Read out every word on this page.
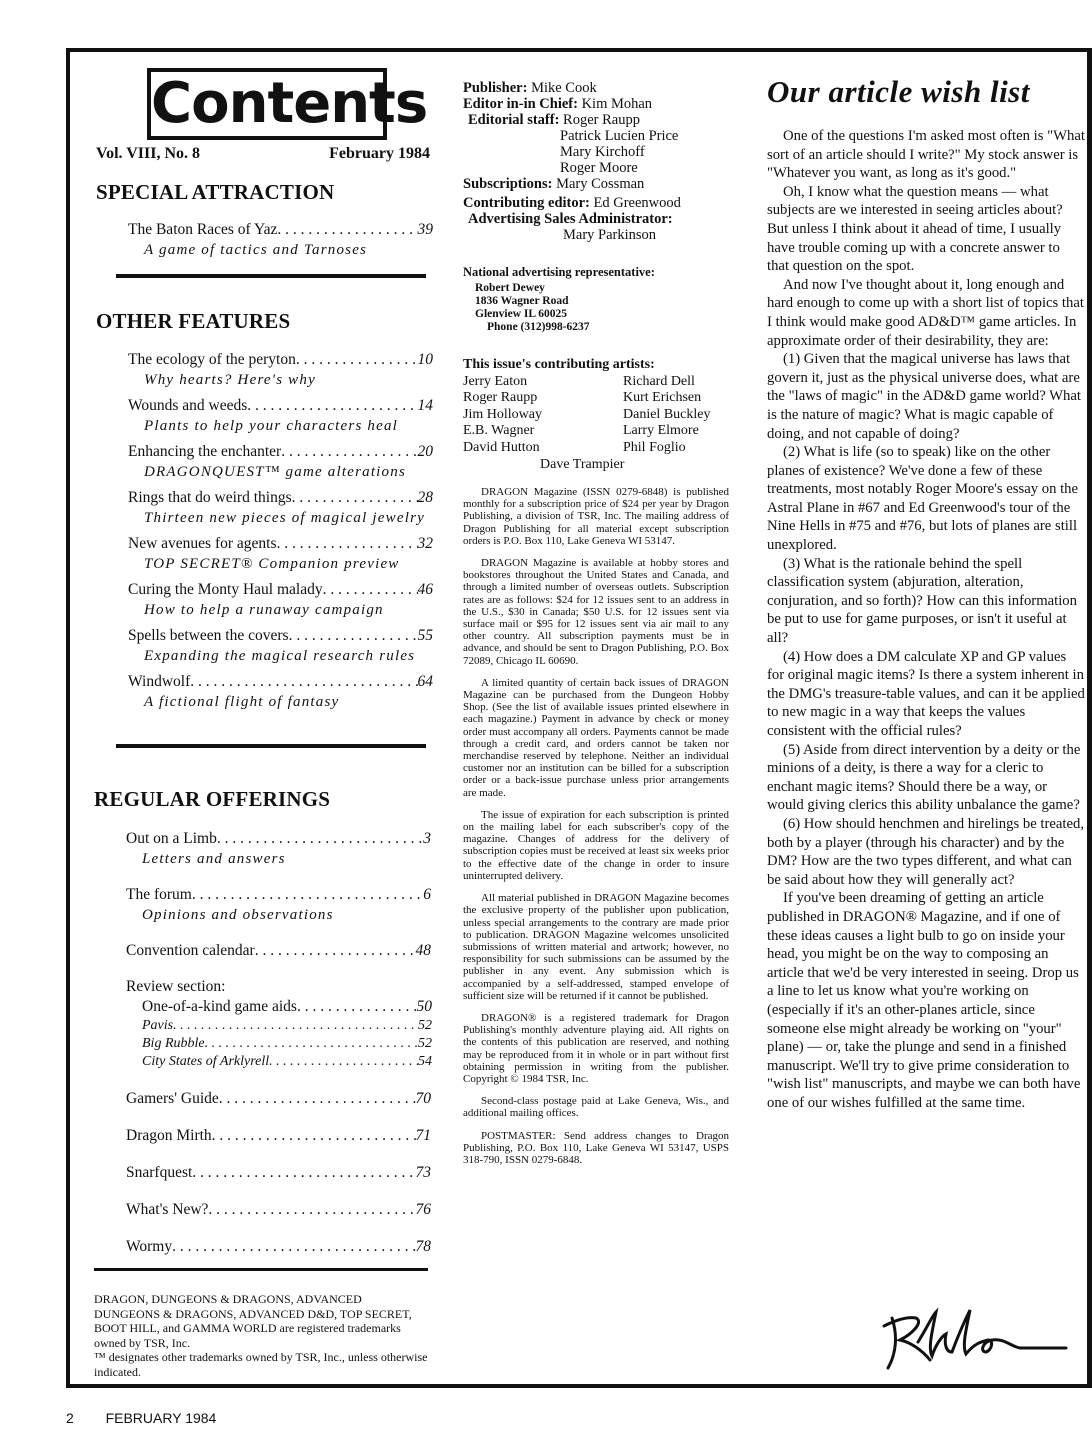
Contents
Vol. VIII, No. 8	February 1984
SPECIAL ATTRACTION
The Baton Races of Yaz . . .	39
A game of tactics and Tarnoses
OTHER FEATURES
The ecology of the peryton . . .	10
Why hearts? Here's why
Wounds and weeds . . .	14
Plants to help your characters heal
Enhancing the enchanter . . .	20
DRAGONQUEST™ game alterations
Rings that do weird things . . .	28
Thirteen new pieces of magical jewelry
New avenues for agents . . .	32
TOP SECRET® Companion preview
Curing the Monty Haul malady . . .	46
How to help a runaway campaign
Spells between the covers . . .	55
Expanding the magical research rules
Windwolf . . .	64
A fictional flight of fantasy
REGULAR OFFERINGS
Out on a Limb . . .	3
Letters and answers
The forum . . .	6
Opinions and observations
Convention calendar . . .	48
Review section:
One-of-a-kind game aids . . .	50
Pavis . . .	52
Big Rubble . . .	52
City States of Arklyrell . . .	54
Gamers' Guide . . .	70
Dragon Mirth . . .	71
Snarfquest . . .	73
What's New? . . .	76
Wormy . . .	78
DRAGON, DUNGEONS & DRAGONS, ADVANCED DUNGEONS & DRAGONS, ADVANCED D&D, TOP SECRET, BOOT HILL, and GAMMA WORLD are registered trademarks owned by TSR, Inc.
™ designates other trademarks owned by TSR, Inc., unless otherwise indicated.
2 FEBRUARY 1984
Publisher: Mike Cook
Editor in-in Chief: Kim Mohan
Editorial staff: Roger Raupp
Patrick Lucien Price
Mary Kirchoff
Roger Moore
Subscriptions: Mary Cossman
Contributing editor: Ed Greenwood
Advertising Sales Administrator:
Mary Parkinson
National advertising representative:
Robert Dewey
1836 Wagner Road
Glenview IL 60025
Phone (312)998-6237
This issue's contributing artists:
Jerry Eaton	Richard Dell
Roger Raupp	Kurt Erichsen
Jim Holloway	Daniel Buckley
E.B. Wagner	Larry Elmore
David Hutton	Phil Foglio
Dave Trampier

DRAGON Magazine (ISSN 0279-6848) is published monthly for a subscription price of $24 per year by Dragon Publishing, a division of TSR, Inc. The mailing address of Dragon Publishing for all material except subscription orders is P.O. Box 110, Lake Geneva WI 53147.

DRAGON Magazine is available at hobby stores and bookstores throughout the United States and Canada, and through a limited number of overseas outlets. Subscription rates are as follows: $24 for 12 issues sent to an address in the U.S., $30 in Canada; $50 U.S. for 12 issues sent via surface mail or $95 for 12 issues sent via air mail to any other country. All subscription payments must be in advance, and should be sent to Dragon Publishing, P.O. Box 72089, Chicago IL 60690.

A limited quantity of certain back issues of DRAGON Magazine can be purchased from the Dungeon Hobby Shop. (See the list of available issues printed elsewhere in each magazine.) Payment in advance by check or money order must accompany all orders. Payments cannot be made through a credit card, and orders cannot be taken nor merchandise reserved by telephone. Neither an individual customer nor an institution can be billed for a subscription order or a back-issue purchase unless prior arrangements are made.

The issue of expiration for each subscription is printed on the mailing label for each subscriber's copy of the magazine. Changes of address for the delivery of subscription copies must be received at least six weeks prior to the effective date of the change in order to insure uninterrupted delivery.

All material published in DRAGON Magazine becomes the exclusive property of the publisher upon publication, unless special arrangements to the contrary are made prior to publication. DRAGON Magazine welcomes unsolicited submissions of written material and artwork; however, no responsibility for such submissions can be assumed by the publisher in any event. Any submission which is accompanied by a self-addressed, stamped envelope of sufficient size will be returned if it cannot be published.

DRAGON® is a registered trademark for Dragon Publishing's monthly adventure playing aid. All rights on the contents of this publication are reserved, and nothing may be reproduced from it in whole or in part without first obtaining permission in writing from the publisher. Copyright © 1984 TSR, Inc.

Second-class postage paid at Lake Geneva, Wis., and additional mailing offices.

POSTMASTER: Send address changes to Dragon Publishing, P.O. Box 110, Lake Geneva WI 53147, USPS 318-790, ISSN 0279-6848.

Our article wish list

One of the questions I'm asked most often is "What sort of an article should I write?" My stock answer is "Whatever you want, as long as it's good."

Oh, I know what the question means — what subjects are we interested in seeing articles about? But unless I think about it ahead of time, I usually have trouble coming up with a concrete answer to that question on the spot.

And now I've thought about it, long enough and hard enough to come up with a short list of topics that I think would make good AD&D™ game articles. In approximate order of their desirability, they are:

(1) Given that the magical universe has laws that govern it, just as the physical universe does, what are the "laws of magic" in the AD&D game world? What is the nature of magic? What is magic capable of doing, and not capable of doing?

(2) What is life (so to speak) like on the other planes of existence? We've done a few of these treatments, most notably Roger Moore's essay on the Astral Plane in #67 and Ed Greenwood's tour of the Nine Hells in #75 and #76, but lots of planes are still unexplored.

(3) What is the rationale behind the spell classification system (abjuration, alteration, conjuration, and so forth)? How can this information be put to use for game purposes, or isn't it useful at all?

(4) How does a DM calculate XP and GP values for original magic items? Is there a system inherent in the DMG's treasure-table values, and can it be applied to new magic in a way that keeps the values consistent with the official rules?

(5) Aside from direct intervention by a deity or the minions of a deity, is there a way for a cleric to enchant magic items? Should there be a way, or would giving clerics this ability unbalance the game?

(6) How should henchmen and hirelings be treated, both by a player (through his character) and by the DM? How are the two types different, and what can be said about how they will generally act?

If you've been dreaming of getting an article published in DRAGON® Magazine, and if one of these ideas causes a light bulb to go on inside your head, you might be on the way to composing an article that we'd be very interested in seeing. Drop us a line to let us know what you're working on (especially if it's an other-planes article, since someone else might already be working on "your" plane) — or, take the plunge and send in a finished manuscript. We'll try to give prime consideration to "wish list" manuscripts, and maybe we can both have one of our wishes fulfilled at the same time.
